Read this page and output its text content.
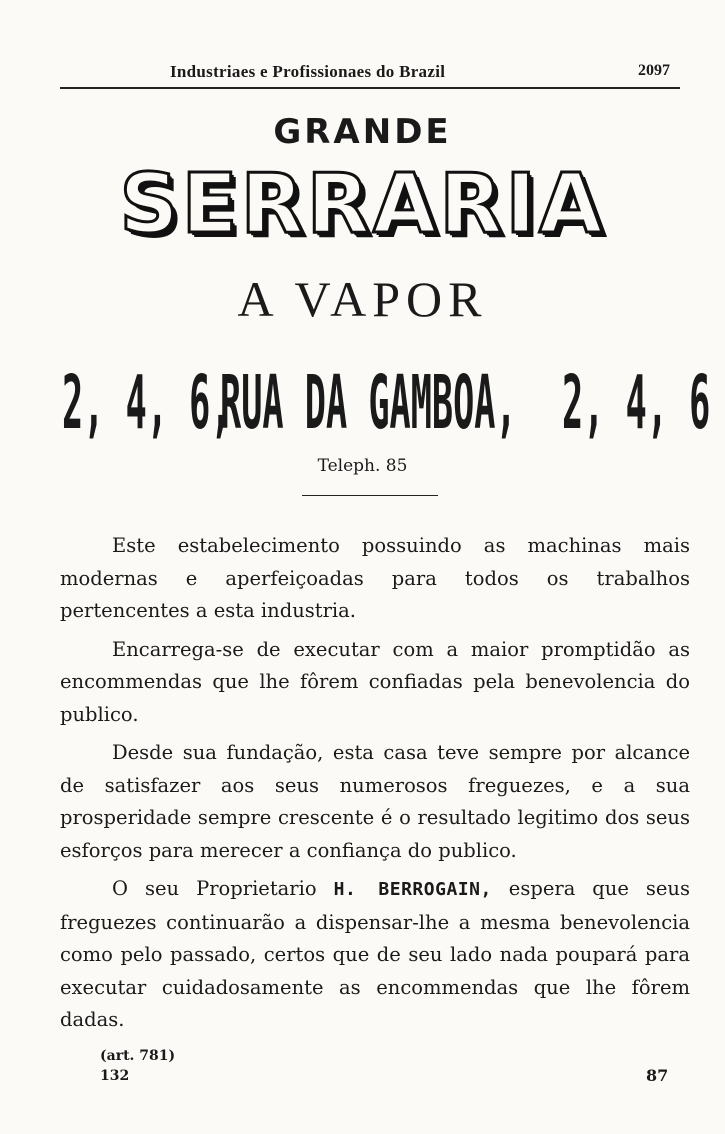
Industriaes e Profissionaes do Brazil	2097
GRANDE
SERRARIA
A VAPOR
2, 4, 6,
RUA DA GAMBOA, 2, 4, 6
Teleph. 85

Este estabelecimento possuindo as machinas mais modernas e aperfeiçoadas para todos os trabalhos pertencentes a esta industria.

Encarrega-se de executar com a maior promptidão as encommendas que lhe fôrem confiadas pela benevolencia do publico.

Desde sua fundação, esta casa teve sempre por alcance de satisfazer aos seus numerosos freguezes, e a sua prosperidade sempre crescente é o resultado legitimo dos seus esforços para merecer a confiança do publico.

O seu Proprietario H. BERROGAIN, espera que seus freguezes continuarão a dispensar-lhe a mesma benevolencia como pelo passado, certos que de seu lado nada poupará para executar cuidadosamente as encommendas que lhe fôrem dadas.

(art. 781)
132	87
